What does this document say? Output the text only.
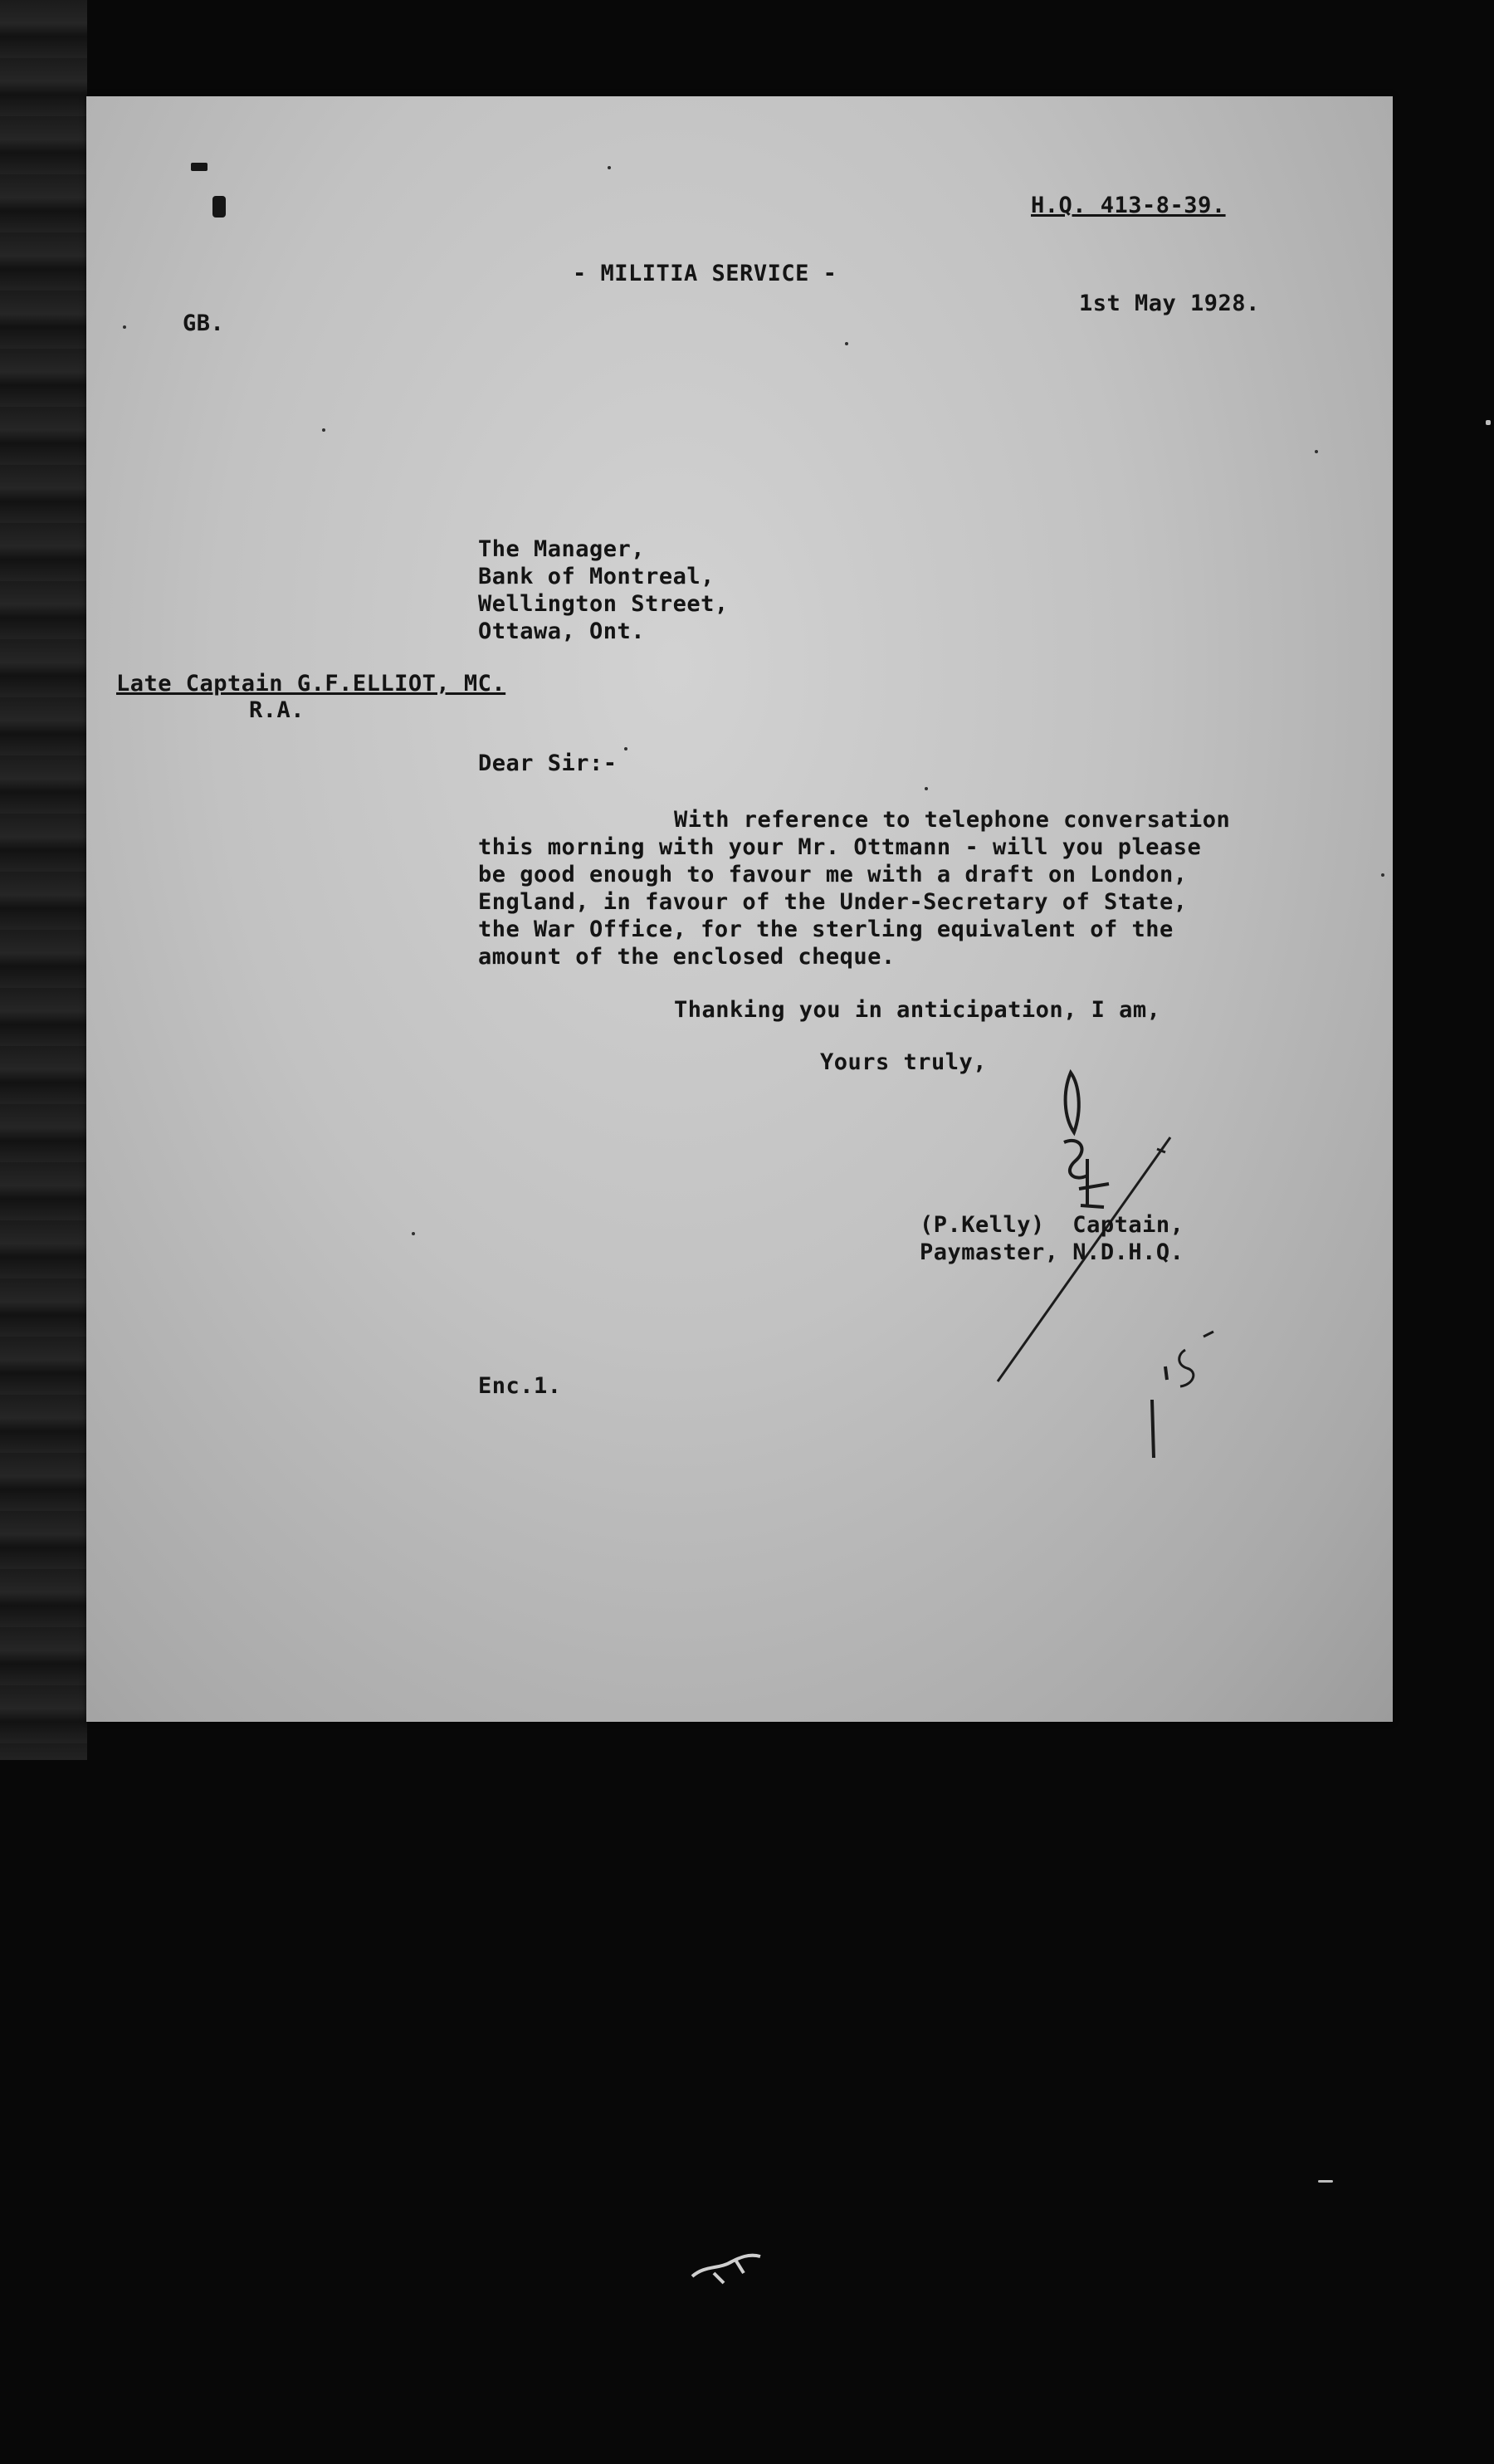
H.Q. 413-8-39.
- MILITIA SERVICE -
1st May 1928.
GB.
The Manager,
Bank of Montreal,
Wellington Street,
Ottawa, Ont.
Late Captain G.F.ELLIOT, MC.
R.A.
Dear Sir:-
With reference to telephone conversation
this morning with your Mr. Ottmann - will you please
be good enough to favour me with a draft on London,
England, in favour of the Under-Secretary of State,
the War Office, for the sterling equivalent of the
amount of the enclosed cheque.
Thanking you in anticipation, I am,
Yours truly,
(P.Kelly)  Captain,
Paymaster, N.D.H.Q.
Enc.1.
